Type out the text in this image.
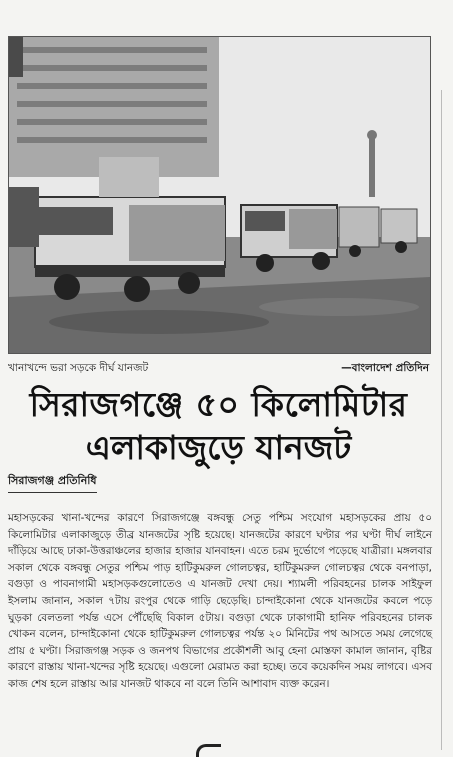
খানাখন্দে ভরা সড়কে দীর্ঘ যানজট	—বাংলাদেশ প্রতিদিন
সিরাজগঞ্জে ৫০ কিলোমিটার
এলাকাজুড়ে যানজট
সিরাজগঞ্জ প্রতিনিধি
মহাসড়কের খানা-খন্দের কারণে সিরাজগঞ্জে বঙ্গবন্ধু সেতু পশ্চিম সংযোগ মহাসড়কের প্রায় ৫০ কিলোমিটার এলাকাজুড়ে তীব্র যানজটের সৃষ্টি হয়েছে। যানজটের কারণে ঘণ্টার পর ঘণ্টা দীর্ঘ লাইনে দাঁড়িয়ে আছে ঢাকা-উত্তরাঞ্চলের হাজার হাজার যানবাহন। এতে চরম দুর্ভোগে পড়েছে যাত্রীরা। মঙ্গলবার সকাল থেকে বঙ্গবন্ধু সেতুর পশ্চিম পাড় হাটিকুমরুল গোলচত্বর, হাটিকুমরুল গোলচত্বর থেকে বনপাড়া, বগুড়া ও পাবনাগামী মহাসড়কগুলোতেও এ যানজট দেখা দেয়। শ্যামলী পরিবহনের চালক সাইফুল ইসলাম জানান, সকাল ৭টায় রংপুর থেকে গাড়ি ছেড়েছি। চান্দাইকোনা থেকে যানজটের কবলে পড়ে ঘুড়কা বেলতলা পর্যন্ত এসে পৌঁছেছি বিকাল ৫টায়। বগুড়া থেকে ঢাকাগামী হানিফ পরিবহনের চালক খোকন বলেন, চান্দাইকোনা থেকে হাটিকুমরুল গোলচত্বর পর্যন্ত ২০ মিনিটের পথ আসতে সময় লেগেছে প্রায় ৫ ঘণ্টা। সিরাজগঞ্জ সড়ক ও জনপথ বিভাগের প্রকৌশলী আবু হেনা মোস্তফা কামাল জানান, বৃষ্টির কারণে রাস্তায় খানা-খন্দের সৃষ্টি হয়েছে। এগুলো মেরামত করা হচ্ছে। তবে কয়েকদিন সময় লাগবে। এসব কাজ শেষ হলে রাস্তায় আর যানজট থাকবে না বলে তিনি আশাবাদ ব্যক্ত করেন।
